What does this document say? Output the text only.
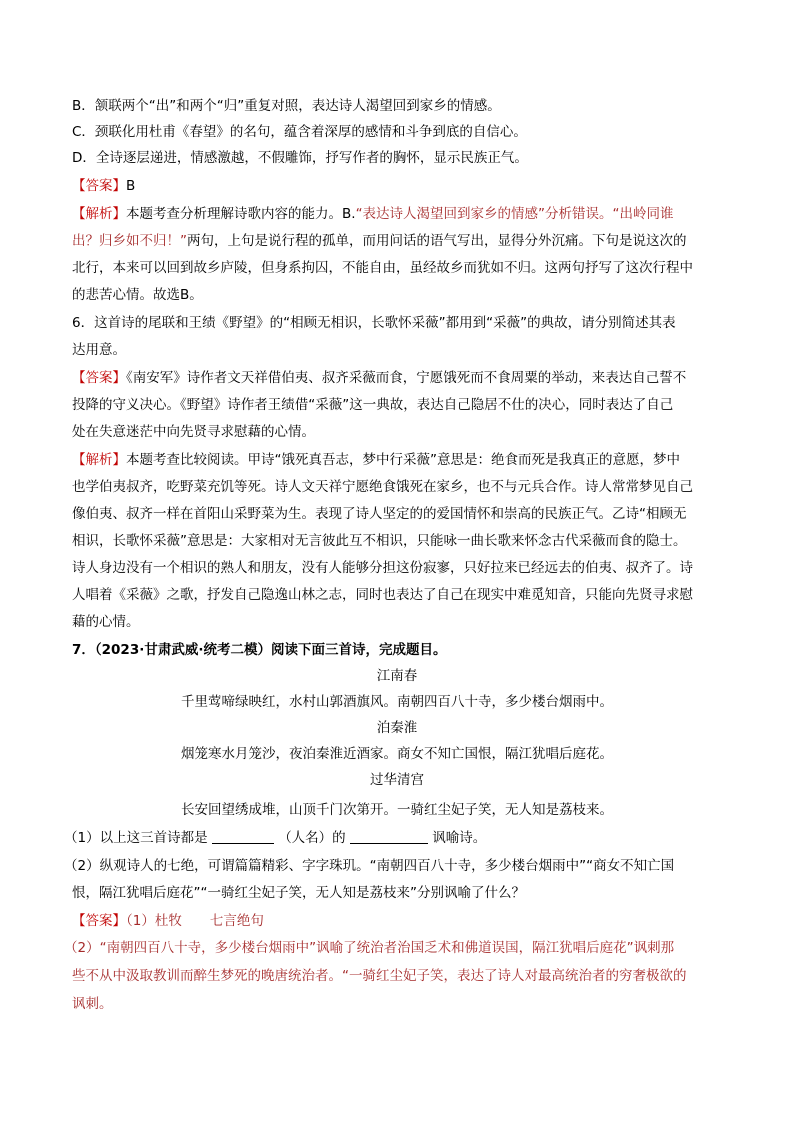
B．颔联两个“出”和两个“归”重复对照，表达诗人渴望回到家乡的情感。
C．颈联化用杜甫《春望》的名句，蕴含着深厚的感情和斗争到底的自信心。
D．全诗逐层递进，情感激越，不假雕饰，抒写作者的胸怀，显示民族正气。
【答案】B
【解析】本题考查分析理解诗歌内容的能力。B.“表达诗人渴望回到家乡的情感”分析错误。“出岭同谁
出？归乡如不归！”两句，上句是说行程的孤单，而用问话的语气写出，显得分外沉痛。下句是说这次的
北行，本来可以回到故乡庐陵，但身系拘囚，不能自由，虽经故乡而犹如不归。这两句抒写了这次行程中
的悲苦心情。故选B。
6．这首诗的尾联和王绩《野望》的“相顾无相识，长歌怀采薇”都用到“采薇”的典故，请分别简述其表
达用意。
【答案】《南安军》诗作者文天祥借伯夷、叔齐采薇而食，宁愿饿死而不食周粟的举动，来表达自己誓不
投降的守义决心。《野望》诗作者王绩借“采薇”这一典故，表达自己隐居不仕的决心，同时表达了自己
处在失意迷茫中向先贤寻求慰藉的心情。
【解析】本题考查比较阅读。甲诗“饿死真吾志，梦中行采薇”意思是：绝食而死是我真正的意愿，梦中
也学伯夷叔齐，吃野菜充饥等死。诗人文天祥宁愿绝食饿死在家乡，也不与元兵合作。诗人常常梦见自己
像伯夷、叔齐一样在首阳山采野菜为生。表现了诗人坚定的的爱国情怀和崇高的民族正气。乙诗“相顾无
相识，长歌怀采薇”意思是：大家相对无言彼此互不相识，只能咏一曲长歌来怀念古代采薇而食的隐士。
诗人身边没有一个相识的熟人和朋友，没有人能够分担这份寂寥，只好拉来已经远去的伯夷、叔齐了。诗
人唱着《采薇》之歌，抒发自己隐逸山林之志，同时也表达了自己在现实中难觅知音，只能向先贤寻求慰
藉的心情。
7．（2023·甘肃武威·统考二模）阅读下面三首诗，完成题目。
江南春
千里莺啼绿映红，水村山郭酒旗风。南朝四百八十寺，多少楼台烟雨中。
泊秦淮
烟笼寒水月笼沙，夜泊秦淮近酒家。商女不知亡国恨，隔江犹唱后庭花。
过华清宫
长安回望绣成堆，山顶千门次第开。一骑红尘妃子笑，无人知是荔枝来。
（1）以上这三首诗都是	（人名）的	讽喻诗。
（2）纵观诗人的七绝，可谓篇篇精彩、字字珠玑。“南朝四百八十寺，多少楼台烟雨中”“商女不知亡国
恨，隔江犹唱后庭花”“一骑红尘妃子笑，无人知是荔枝来”分别讽喻了什么？
【答案】（1）杜牧 七言绝句
（2）“南朝四百八十寺，多少楼台烟雨中”讽喻了统治者治国乏术和佛道误国，隔江犹唱后庭花”讽刺那
些不从中汲取教训而醉生梦死的晚唐统治者。“一骑红尘妃子笑，表达了诗人对最高统治者的穷奢极欲的
讽刺。
